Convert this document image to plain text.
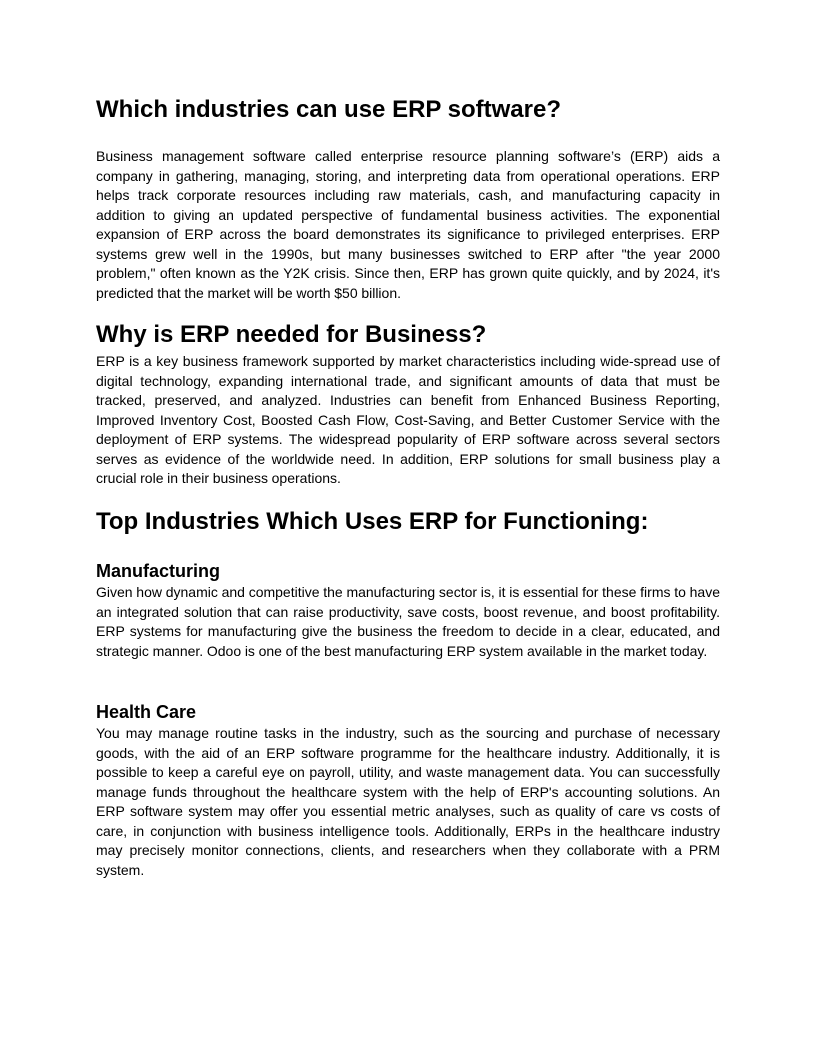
Which industries can use ERP software?

Business management software called enterprise resource planning software’s (ERP) aids a company in gathering, managing, storing, and interpreting data from operational operations. ERP helps track corporate resources including raw materials, cash, and manufacturing capacity in addition to giving an updated perspective of fundamental business activities. The exponential expansion of ERP across the board demonstrates its significance to privileged enterprises. ERP systems grew well in the 1990s, but many businesses switched to ERP after "the year 2000 problem," often known as the Y2K crisis. Since then, ERP has grown quite quickly, and by 2024, it's predicted that the market will be worth $50 billion.

Why is ERP needed for Business?

ERP is a key business framework supported by market characteristics including wide-spread use of digital technology, expanding international trade, and significant amounts of data that must be tracked, preserved, and analyzed. Industries can benefit from Enhanced Business Reporting, Improved Inventory Cost, Boosted Cash Flow, Cost-Saving, and Better Customer Service with the deployment of ERP systems. The widespread popularity of ERP software across several sectors serves as evidence of the worldwide need. In addition, ERP solutions for small business play a crucial role in their business operations.

Top Industries Which Uses ERP for Functioning:
Manufacturing

Given how dynamic and competitive the manufacturing sector is, it is essential for these firms to have an integrated solution that can raise productivity, save costs, boost revenue, and boost profitability. ERP systems for manufacturing give the business the freedom to decide in a clear, educated, and strategic manner. Odoo is one of the best manufacturing ERP system available in the market today.

Health Care

You may manage routine tasks in the industry, such as the sourcing and purchase of necessary goods, with the aid of an ERP software programme for the healthcare industry. Additionally, it is possible to keep a careful eye on payroll, utility, and waste management data. You can successfully manage funds throughout the healthcare system with the help of ERP's accounting solutions. An ERP software system may offer you essential metric analyses, such as quality of care vs costs of care, in conjunction with business intelligence tools. Additionally, ERPs in the healthcare industry may precisely monitor connections, clients, and researchers when they collaborate with a PRM system.
